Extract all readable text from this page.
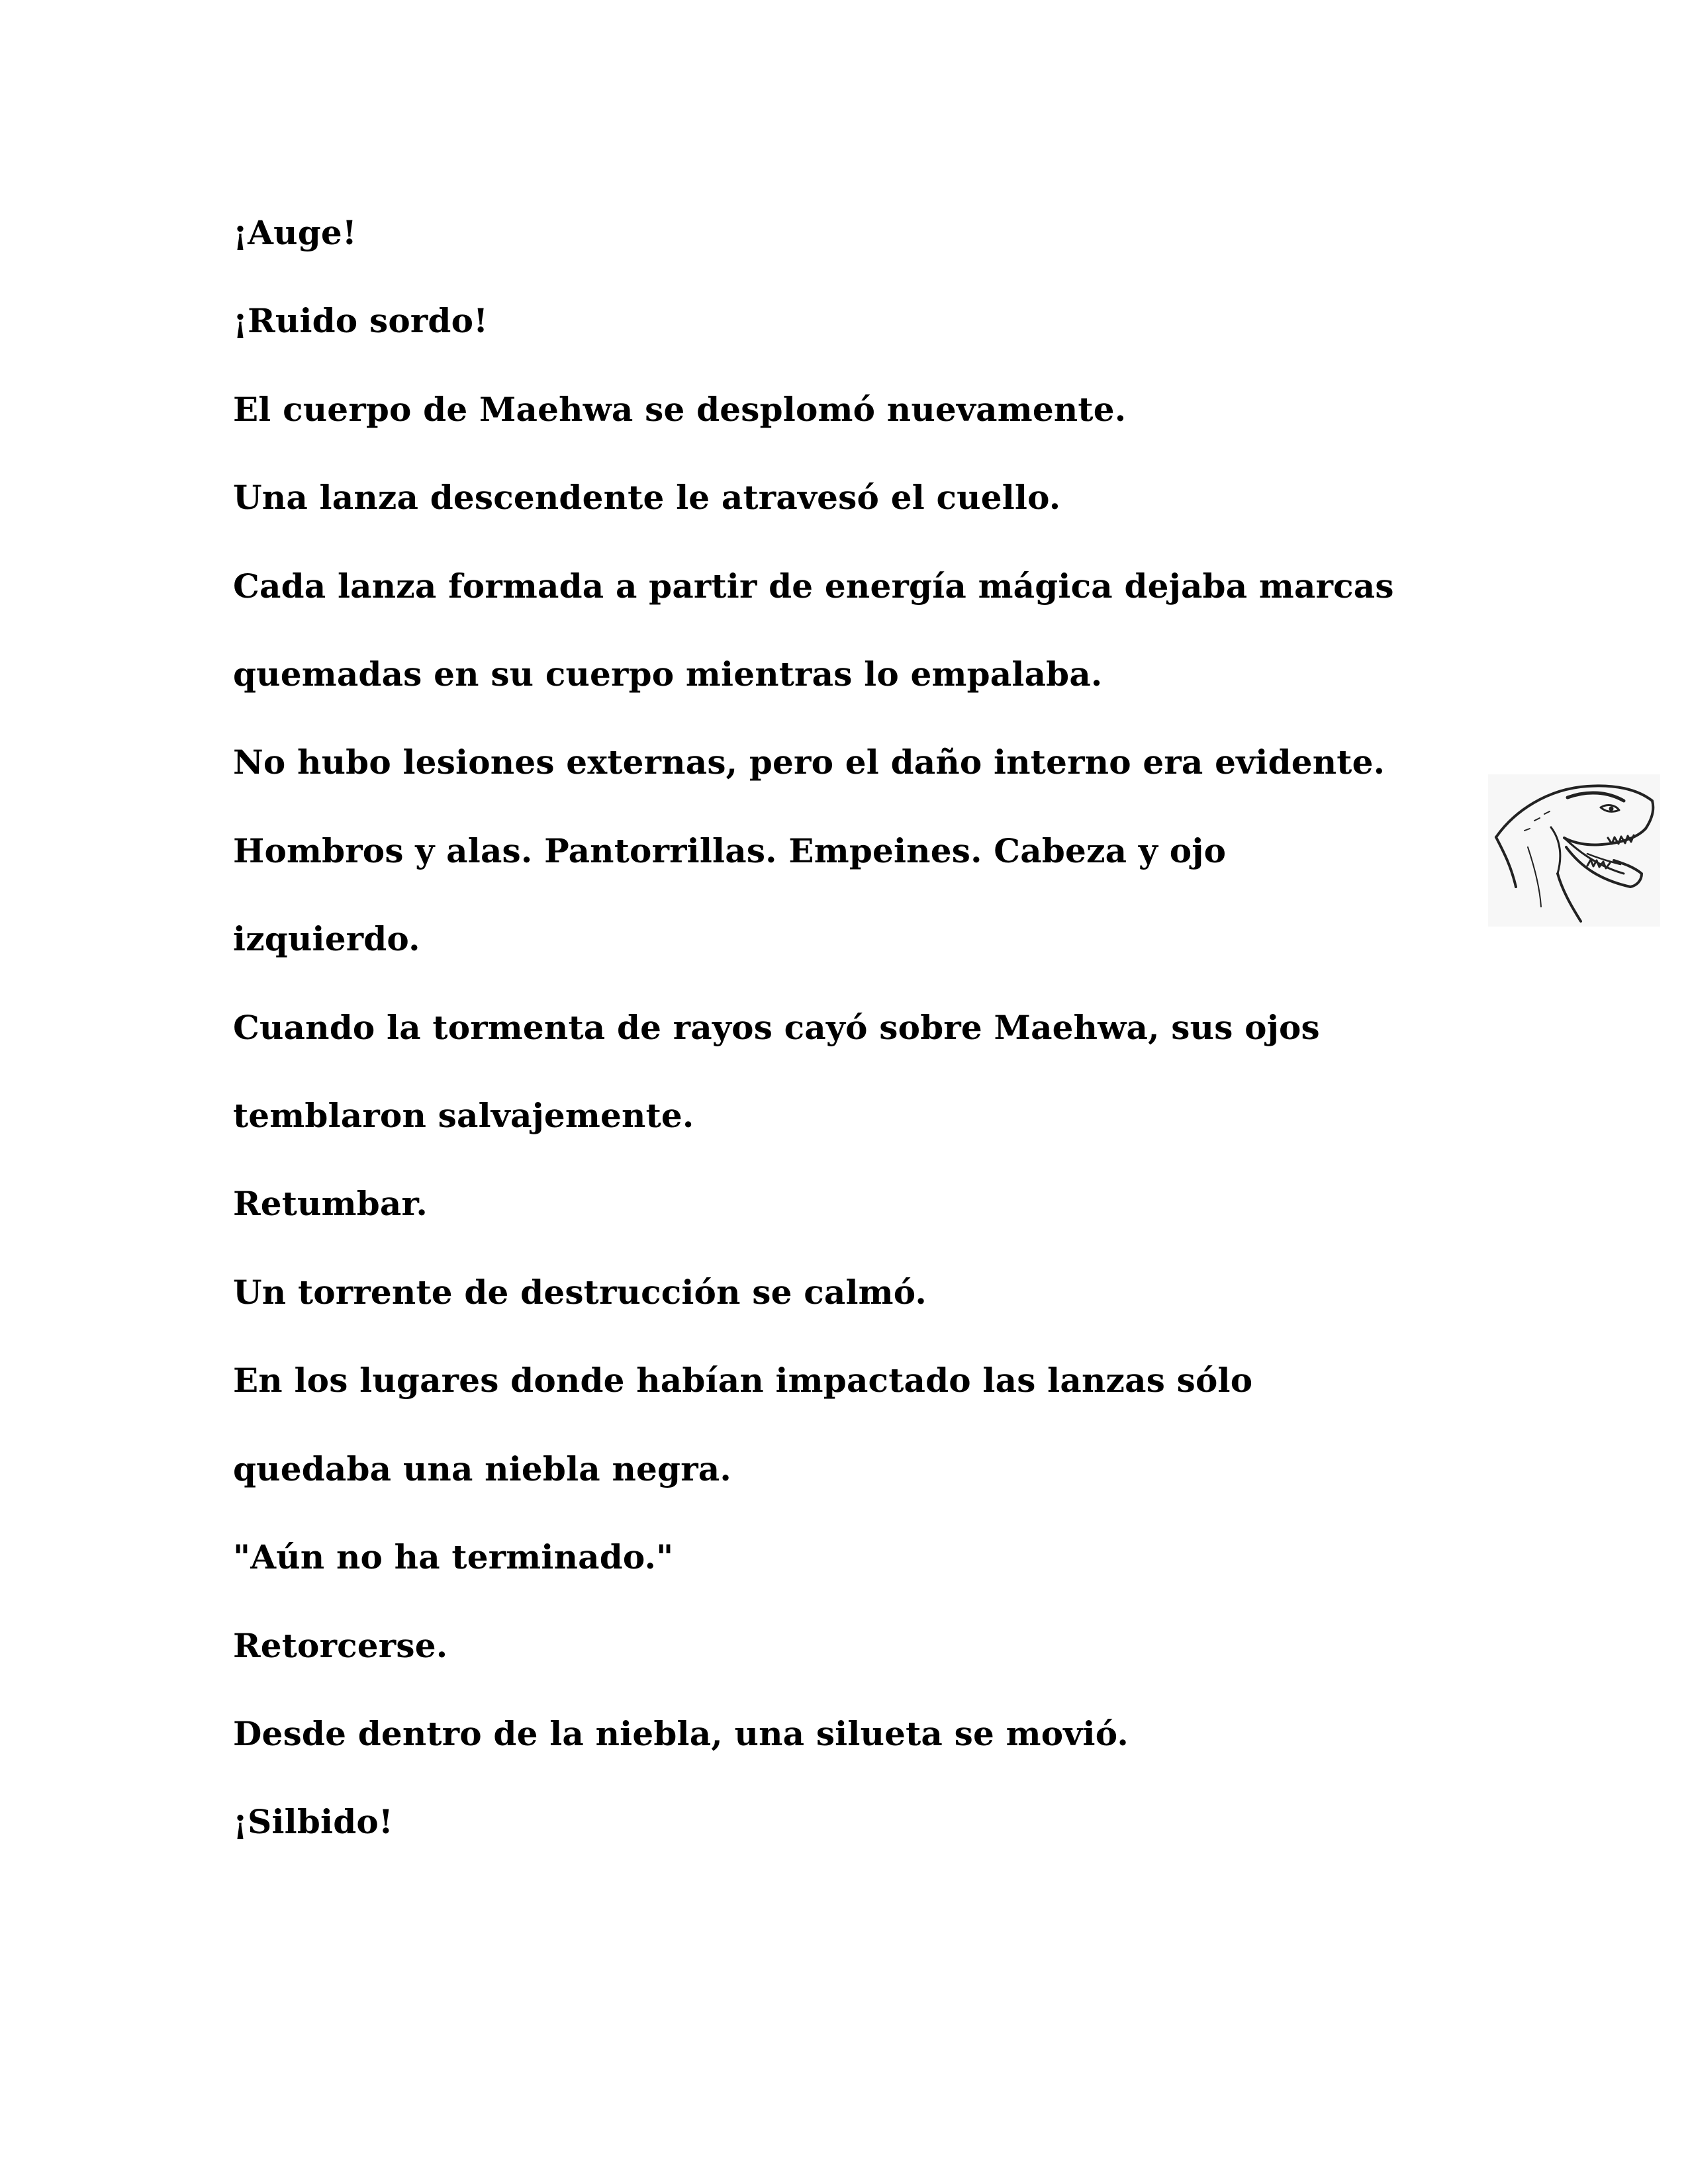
¡Auge!
¡Ruido sordo!
El cuerpo de Maehwa se desplomó nuevamente.
Una lanza descendente le atravesó el cuello.
Cada lanza formada a partir de energía mágica dejaba marcas
quemadas en su cuerpo mientras lo empalaba.
No hubo lesiones externas, pero el daño interno era evidente.
Hombros y alas. Pantorrillas. Empeines. Cabeza y ojo
izquierdo.
Cuando la tormenta de rayos cayó sobre Maehwa, sus ojos
temblaron salvajemente.
Retumbar.
Un torrente de destrucción se calmó.
En los lugares donde habían impactado las lanzas sólo
quedaba una niebla negra.
"Aún no ha terminado."
Retorcerse.
Desde dentro de la niebla, una silueta se movió.
¡Silbido!
